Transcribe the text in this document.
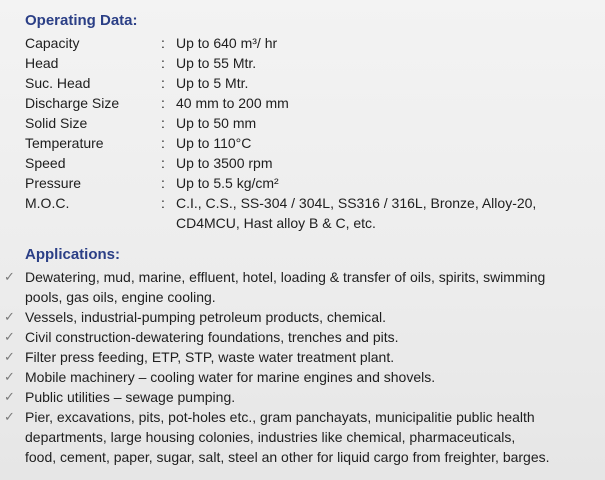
Operating Data:
Capacity	: Up to 640 m³/ hr
Head	: Up to 55 Mtr.
Suc. Head	: Up to 5 Mtr.
Discharge Size	: 40 mm to 200 mm
Solid Size	: Up to 50 mm
Temperature	: Up to 110°C
Speed	: Up to 3500 rpm
Pressure	: Up to 5.5 kg/cm²
M.O.C.	: C.I., C.S., SS-304 / 304L, SS316 / 316L, Bronze, Alloy-20,
CD4MCU, Hast alloy B & C, etc.
Applications:
✓ Dewatering, mud, marine, effluent, hotel, loading & transfer of oils, spirits, swimming
pools, gas oils, engine cooling.
✓ Vessels, industrial-pumping petroleum products, chemical.
✓ Civil construction-dewatering foundations, trenches and pits.
✓ Filter press feeding, ETP, STP, waste water treatment plant.
✓ Mobile machinery – cooling water for marine engines and shovels.
✓ Public utilities – sewage pumping.
✓ Pier, excavations, pits, pot-holes etc., gram panchayats, municipalitie public health
departments, large housing colonies, industries like chemical, pharmaceuticals,
food, cement, paper, sugar, salt, steel an other for liquid cargo from freighter, barges.
